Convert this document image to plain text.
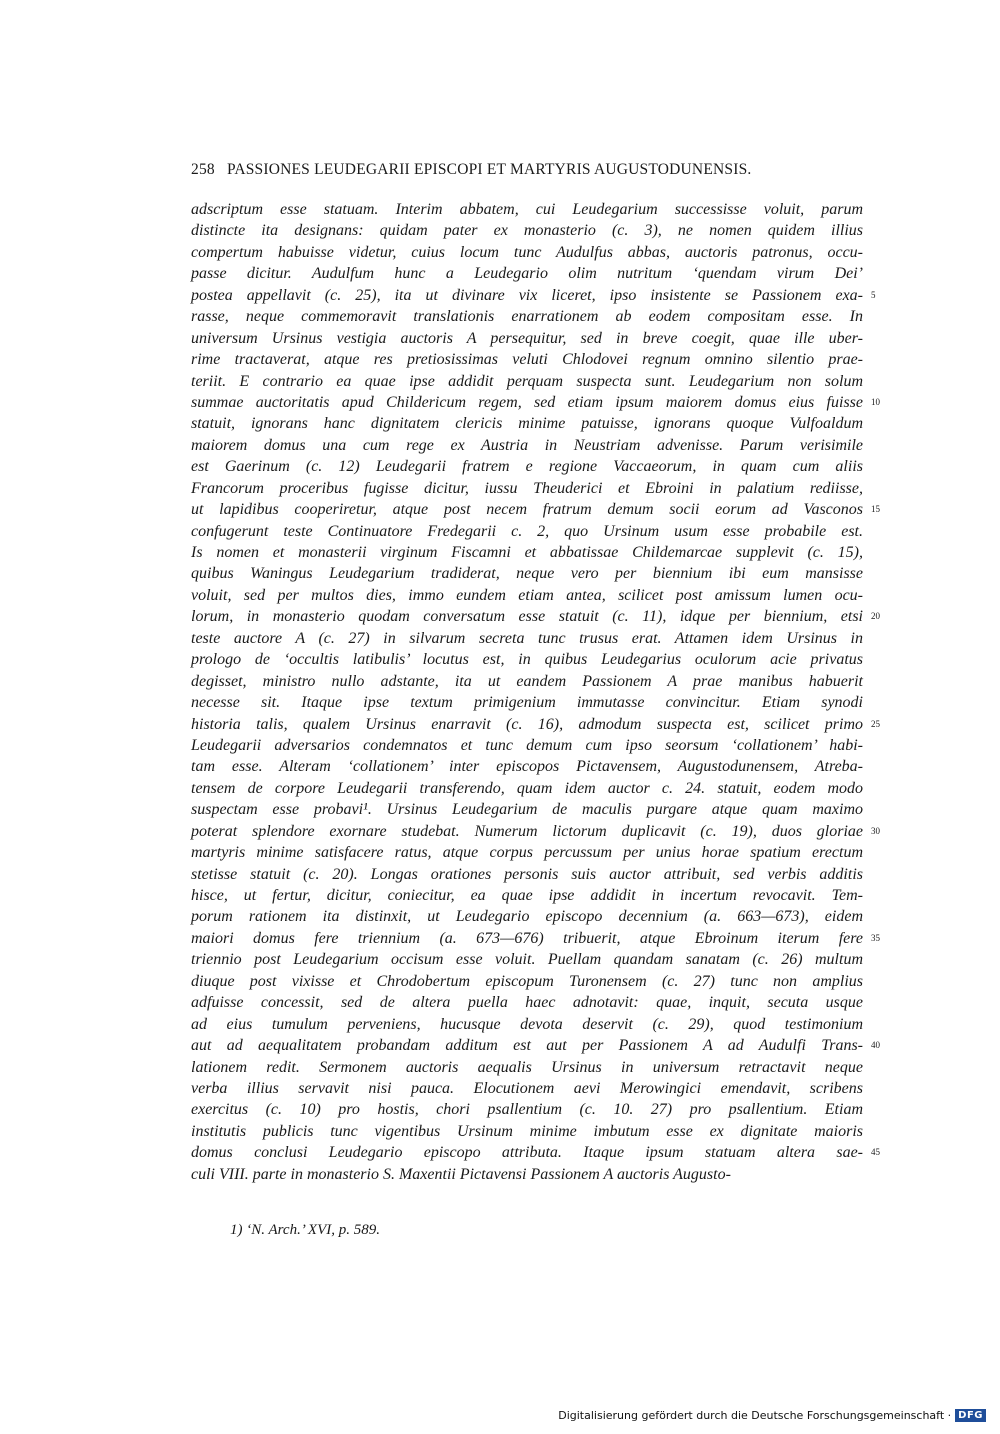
258 PASSIONES LEUDEGARII EPISCOPI ET MARTYRIS AUGUSTODUNENSIS.
adscriptum esse statuam. Interim abbatem, cui Leudegarium successisse voluit, parum
distincte ita designans: quidam pater ex monasterio (c. 3), ne nomen quidem illius
compertum habuisse videtur, cuius locum tunc Audulfus abbas, auctoris patronus, occu-
passe dicitur. Audulfum hunc a Leudegario olim nutritum ‘quendam virum Dei’
postea appellavit (c. 25), ita ut divinare vix liceret, ipso insistente se Passionem exa- 5
rasse, neque commemoravit translationis enarrationem ab eodem compositam esse. In
universum Ursinus vestigia auctoris A persequitur, sed in breve coegit, quae ille uber-
rime tractaverat, atque res pretiosissimas veluti Chlodovei regnum omnino silentio prae-
teriit. E contrario ea quae ipse addidit perquam suspecta sunt. Leudegarium non solum
summae auctoritatis apud Childericum regem, sed etiam ipsum maiorem domus eius fuisse 10
statuit, ignorans hanc dignitatem clericis minime patuisse, ignorans quoque Vulfoaldum
maiorem domus una cum rege ex Austria in Neustriam advenisse. Parum verisimile
est Gaerinum (c. 12) Leudegarii fratrem e regione Vaccaeorum, in quam cum aliis
Francorum proceribus fugisse dicitur, iussu Theuderici et Ebroini in palatium rediisse,
ut lapidibus cooperiretur, atque post necem fratrum demum socii eorum ad Vasconos 15
confugerunt teste Continuatore Fredegarii c. 2, quo Ursinum usum esse probabile est.
Is nomen et monasterii virginum Fiscamni et abbatissae Childemarcae supplevit (c. 15),
quibus Waningus Leudegarium tradiderat, neque vero per biennium ibi eum mansisse
voluit, sed per multos dies, immo eundem etiam antea, scilicet post amissum lumen ocu-
lorum, in monasterio quodam conversatum esse statuit (c. 11), idque per biennium, etsi 20
teste auctore A (c. 27) in silvarum secreta tunc trusus erat. Attamen idem Ursinus in
prologo de ‘occultis latibulis’ locutus est, in quibus Leudegarius oculorum acie privatus
degisset, ministro nullo adstante, ita ut eandem Passionem A prae manibus habuerit
necesse sit. Itaque ipse textum primigenium immutasse convincitur. Etiam synodi
historia talis, qualem Ursinus enarravit (c. 16), admodum suspecta est, scilicet primo 25
Leudegarii adversarios condemnatos et tunc demum cum ipso seorsum ‘collationem’ habi-
tam esse. Alteram ‘collationem’ inter episcopos Pictavensem, Augustodunensem, Atreba-
tensem de corpore Leudegarii transferendo, quam idem auctor c. 24. statuit, eodem modo
suspectam esse probavi¹. Ursinus Leudegarium de maculis purgare atque quam maximo
poterat splendore exornare studebat. Numerum lictorum duplicavit (c. 19), duos gloriae 30
martyris minime satisfacere ratus, atque corpus percussum per unius horae spatium erectum
stetisse statuit (c. 20). Longas orationes personis suis auctor attribuit, sed verbis additis
hisce, ut fertur, dicitur, coniecitur, ea quae ipse addidit in incertum revocavit. Tem-
porum rationem ita distinxit, ut Leudegario episcopo decennium (a. 663—673), eidem
maiori domus fere triennium (a. 673—676) tribuerit, atque Ebroinum iterum fere 35
triennio post Leudegarium occisum esse voluit. Puellam quandam sanatam (c. 26) multum
diuque post vixisse et Chrodobertum episcopum Turonensem (c. 27) tunc non amplius
adfuisse concessit, sed de altera puella haec adnotavit: quae, inquit, secuta usque
ad eius tumulum perveniens, hucusque devota deservit (c. 29), quod testimonium
aut ad aequalitatem probandam additum est aut per Passionem A ad Audulfi Trans- 40
lationem redit. Sermonem auctoris aequalis Ursinus in universum retractavit neque
verba illius servavit nisi pauca. Elocutionem aevi Merowingici emendavit, scribens
exercitus (c. 10) pro hostis, chori psallentium (c. 10. 27) pro psallentium. Etiam
institutis publicis tunc vigentibus Ursinum minime imbutum esse ex dignitate maioris
domus conclusi Leudegario episcopo attributa. Itaque ipsum statuam altera sae- 45
culi VIII. parte in monasterio S. Maxentii Pictavensi Passionem A auctoris Augusto-
1) ‘N. Arch.’ XVI, p. 589.
Digitalisierung gefördert durch die Deutsche Forschungsgemeinschaft · DFG
